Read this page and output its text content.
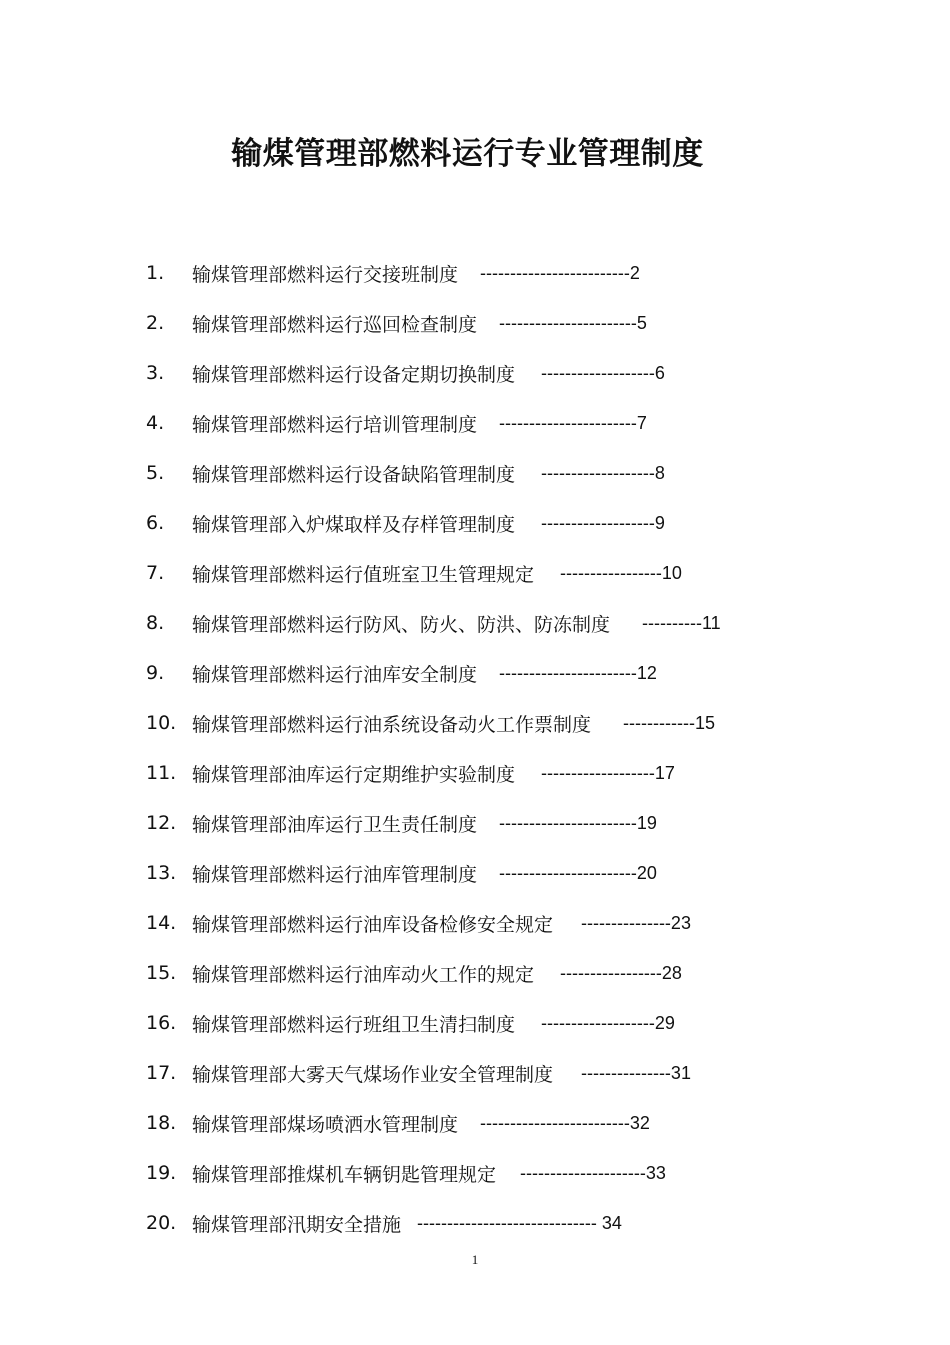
输煤管理部燃料运行专业管理制度
1.	输煤管理部燃料运行交接班制度 -------------------------2
2.	输煤管理部燃料运行巡回检查制度 -----------------------5
3.	输煤管理部燃料运行设备定期切换制度 -------------------6
4.	输煤管理部燃料运行培训管理制度 -----------------------7
5.	输煤管理部燃料运行设备缺陷管理制度 -------------------8
6.	输煤管理部入炉煤取样及存样管理制度 -------------------9
7.	输煤管理部燃料运行值班室卫生管理规定 -----------------10
8.	输煤管理部燃料运行防风、防火、防洪、防冻制度 ----------11
9.	输煤管理部燃料运行油库安全制度 -----------------------12
10. 输煤管理部燃料运行油系统设备动火工作票制度 ------------15
11. 输煤管理部油库运行定期维护实验制度 -------------------17
12. 输煤管理部油库运行卫生责任制度 -----------------------19
13. 输煤管理部燃料运行油库管理制度 -----------------------20
14. 输煤管理部燃料运行油库设备检修安全规定 ---------------23
15. 输煤管理部燃料运行油库动火工作的规定 -----------------28
16. 输煤管理部燃料运行班组卫生清扫制度 -------------------29
17. 输煤管理部大雾天气煤场作业安全管理制度 ---------------31
18. 输煤管理部煤场喷洒水管理制度 -------------------------32
19. 输煤管理部推煤机车辆钥匙管理规定 ---------------------33
20. 输煤管理部汛期安全措施 ------------------------------ 34
1
